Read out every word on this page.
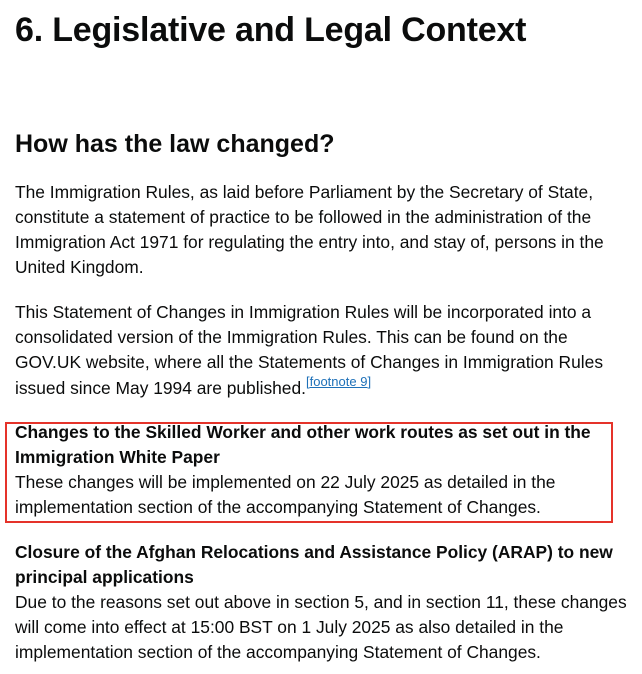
6. Legislative and Legal Context
How has the law changed?

The Immigration Rules, as laid before Parliament by the Secretary of State, constitute a statement of practice to be followed in the administration of the Immigration Act 1971 for regulating the entry into, and stay of, persons in the United Kingdom.

This Statement of Changes in Immigration Rules will be incorporated into a consolidated version of the Immigration Rules. This can be found on the GOV.UK website, where all the Statements of Changes in Immigration Rules issued since May 1994 are published.[footnote 9]

Changes to the Skilled Worker and other work routes as set out in the Immigration White Paper

These changes will be implemented on 22 July 2025 as detailed in the implementation section of the accompanying Statement of Changes.

Closure of the Afghan Relocations and Assistance Policy (ARAP) to new principal applications

Due to the reasons set out above in section 5, and in section 11, these changes will come into effect at 15:00 BST on 1 July 2025 as also detailed in the implementation section of the accompanying Statement of Changes.
